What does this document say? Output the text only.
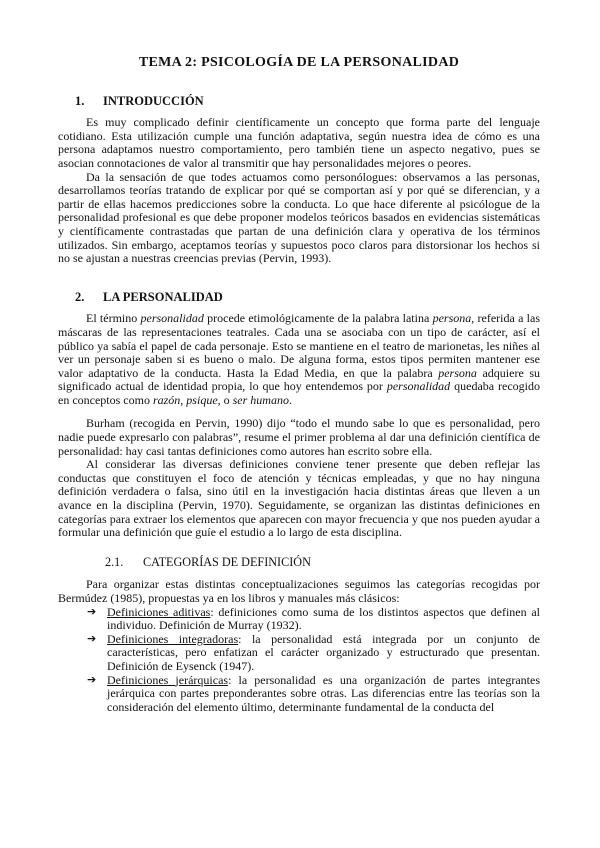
TEMA 2: PSICOLOGÍA DE LA PERSONALIDAD
1.	INTRODUCCIÓN

Es muy complicado definir científicamente un concepto que forma parte del lenguaje cotidiano. Esta utilización cumple una función adaptativa, según nuestra idea de cómo es una persona adaptamos nuestro comportamiento, pero también tiene un aspecto negativo, pues se asocian connotaciones de valor al transmitir que hay personalidades mejores o peores.

Da la sensación de que todes actuamos como personólogues: observamos a las personas, desarrollamos teorías tratando de explicar por qué se comportan así y por qué se diferencian, y a partir de ellas hacemos predicciones sobre la conducta. Lo que hace diferente al psicólogue de la personalidad profesional es que debe proponer modelos teóricos basados en evidencias sistemáticas y científicamente contrastadas que partan de una definición clara y operativa de los términos utilizados. Sin embargo, aceptamos teorías y supuestos poco claros para distorsionar los hechos si no se ajustan a nuestras creencias previas (Pervin, 1993).

2.	LA PERSONALIDAD

El término personalidad procede etimológicamente de la palabra latina persona, referida a las máscaras de las representaciones teatrales. Cada una se asociaba con un tipo de carácter, así el público ya sabía el papel de cada personaje. Esto se mantiene en el teatro de marionetas, les niñes al ver un personaje saben si es bueno o malo. De alguna forma, estos tipos permiten mantener ese valor adaptativo de la conducta. Hasta la Edad Media, en que la palabra persona adquiere su significado actual de identidad propia, lo que hoy entendemos por personalidad quedaba recogido en conceptos como razón, psique, o ser humano.

Burham (recogida en Pervin, 1990) dijo “todo el mundo sabe lo que es personalidad, pero nadie puede expresarlo con palabras”, resume el primer problema al dar una definición científica de personalidad: hay casi tantas definiciones como autores han escrito sobre ella.

Al considerar las diversas definiciones conviene tener presente que deben reflejar las conductas que constituyen el foco de atención y técnicas empleadas, y que no hay ninguna definición verdadera o falsa, sino útil en la investigación hacia distintas áreas que lleven a un avance en la disciplina (Pervin, 1970). Seguidamente, se organizan las distintas definiciones en categorías para extraer los elementos que aparecen con mayor frecuencia y que nos pueden ayudar a formular una definición que guíe el estudio a lo largo de esta disciplina.

2.1.	CATEGORÍAS DE DEFINICIÓN

Para organizar estas distintas conceptualizaciones seguimos las categorías recogidas por Bermúdez (1985), propuestas ya en los libros y manuales más clásicos:

➔ Definiciones aditivas: definiciones como suma de los distintos aspectos que definen al individuo. Definición de Murray (1932).
➔ Definiciones integradoras: la personalidad está integrada por un conjunto de características, pero enfatizan el carácter organizado y estructurado que presentan. Definición de Eysenck (1947).
➔ Definiciones jerárquicas: la personalidad es una organización de partes integrantes jerárquica con partes preponderantes sobre otras. Las diferencias entre las teorías son la consideración del elemento último, determinante fundamental de la conducta del
